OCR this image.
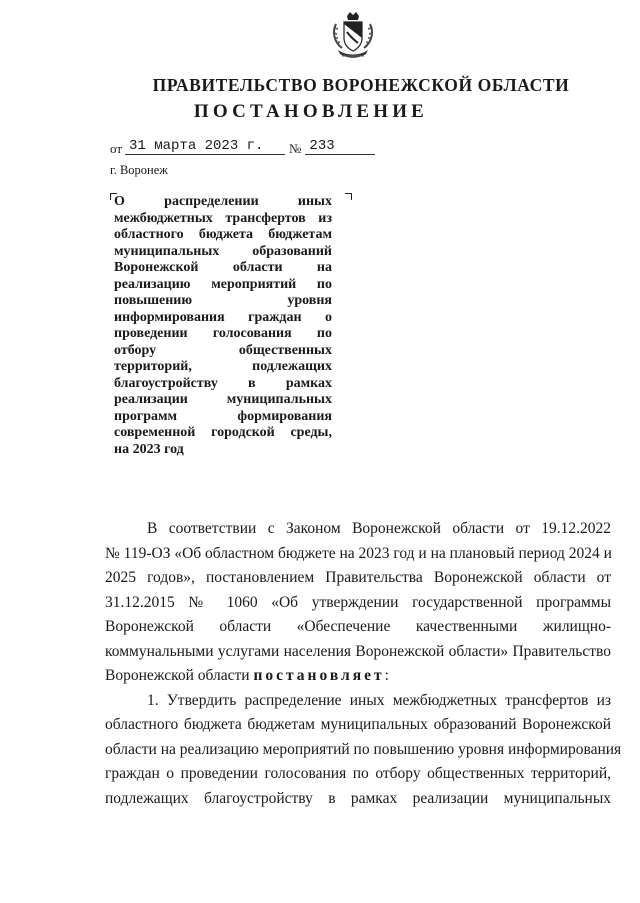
ПРАВИТЕЛЬСТВО ВОРОНЕЖСКОЙ ОБЛАСТИ
ПОСТАНОВЛЕНИЕ
от 31 марта 2023 г.	№ 233
г. Воронеж
О распределении иных
межбюджетных трансфертов из
областного бюджета бюджетам
муниципальных образований
Воронежской области на
реализацию мероприятий по
повышению уровня
информирования граждан о
проведении голосования по
отбору общественных
территорий, подлежащих
благоустройству в рамках
реализации муниципальных
программ формирования
современной городской среды,
на 2023 год
В соответствии с Законом Воронежской области от 19.12.2022
№ 119-ОЗ «Об областном бюджете на 2023 год и на плановый период 2024 и
2025 годов», постановлением Правительства Воронежской области от
31.12.2015 № 1060 «Об утверждении государственной программы
Воронежской области «Обеспечение качественными жилищно-
коммунальными услугами населения Воронежской области» Правительство
Воронежской области постановляет:
1. Утвердить распределение иных межбюджетных трансфертов из
областного бюджета бюджетам муниципальных образований Воронежской
области на реализацию мероприятий по повышению уровня информирования
граждан о проведении голосования по отбору общественных территорий,
подлежащих благоустройству в рамках реализации муниципальных
